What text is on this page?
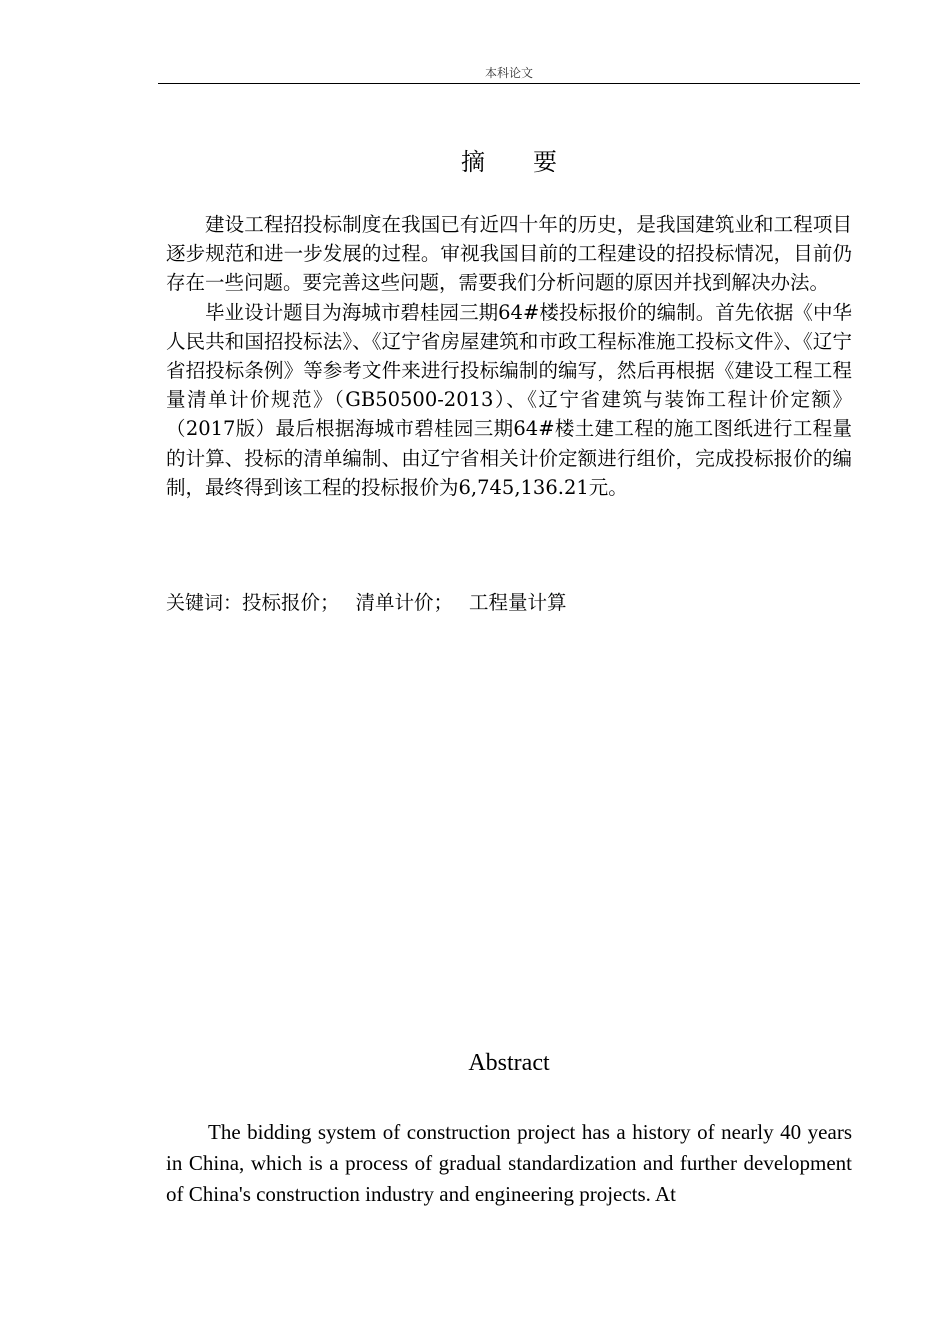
本科论文
摘　　要

建设工程招投标制度在我国已有近四十年的历史，是我国建筑业和工程项目逐步规范和进一步发展的过程。审视我国目前的工程建设的招投标情况，目前仍存在一些问题。要完善这些问题，需要我们分析问题的原因并找到解决办法。

毕业设计题目为海城市碧桂园三期64#楼投标报价的编制。首先依据《中华人民共和国招投标法》、《辽宁省房屋建筑和市政工程标准施工投标文件》、《辽宁省招投标条例》等参考文件来进行投标编制的编写，然后再根据《建设工程工程量清单计价规范》（GB50500-2013）、《辽宁省建筑与装饰工程计价定额》（2017版）最后根据海城市碧桂园三期64#楼土建工程的施工图纸进行工程量的计算、投标的清单编制、由辽宁省相关计价定额进行组价，完成投标报价的编制，最终得到该工程的投标报价为6,745,136.21元。

关键词：投标报价； 清单计价； 工程量计算
Abstract

The bidding system of construction project has a history of nearly 40 years in China, which is a process of gradual standardization and further development of China's construction industry and engineering projects. At
